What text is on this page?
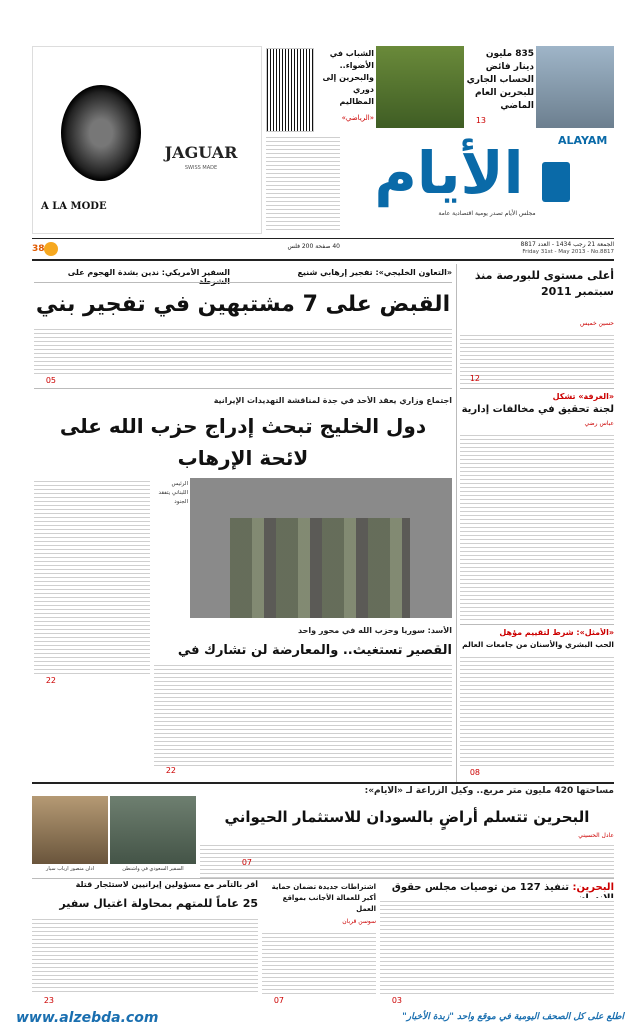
835 مليون دينار فائض الحساب الجاري للبحرين العام الماضي
13
الشباب في الأضواء.. والبحرين إلى دوري المظاليم
«الرياضي»
JAGUAR
SWISS MADE
A LA MODE
ALAYAM
الأيام
مجلس الأيام تصدر يومية اقتصادية عامة
الجمعة 21 رجب 1434 - العدد 8817
Friday 31st - May 2013 - No.8817
40 صفحة 200 فلس
38
«التعاون الخليجي»: تفجير إرهابي شنيع
السفير الأمريكي: ندين بشدة الهجوم على
القبض على 7 مشتبهين في تفجير بني
05
أعلى مستوى للبورصة منذ سبتمبر 2011
حسين خميس
12
«الغرفة» تشكل
لجنة تحقيق في مخالفات إدارية
عباس رضي
«الأمثل»: شرط لتقييم مؤهل
الحب البشري والأسنان من جامعات العالم
08
اجتماع وزاري يعقد الأحد في جدة لمناقشة التهديدات الإيرانية
دول الخليج تبحث إدراج حزب الله على لائحة الإرهاب
22
الرئيس اللبناني يتفقد الجنود
الأسد: سوريا وحزب الله في محور واحد
القصير تستغيث.. والمعارضة لن تشارك في
22
مساحتها 420 مليون متر مربع.. وكيل الزراعة لـ «الأيام»:
البحرين تتسلم أراضٍ بالسودان للاستثمار الحيواني
عادل الحسيني
07
السفير السعودي في واشنطن
أدان منصور أرباب سيار
البحرين: تنفيذ 127 من توصيات مجلس حقوق
03
اشتراطات جديدة تضمان حماية أكبر للعمالة الأجانب بمواقع العمل
سوسن قربان
07
أقر بالتآمر مع مسؤولين إيرانيين لاستئجار قتلة
25 عاماً للمتهم بمحاولة اغتيال سفير
23
www.alzebda.com	اطلع على كل الصحف اليومية في موقع واحد "زبدة الأخبار"
